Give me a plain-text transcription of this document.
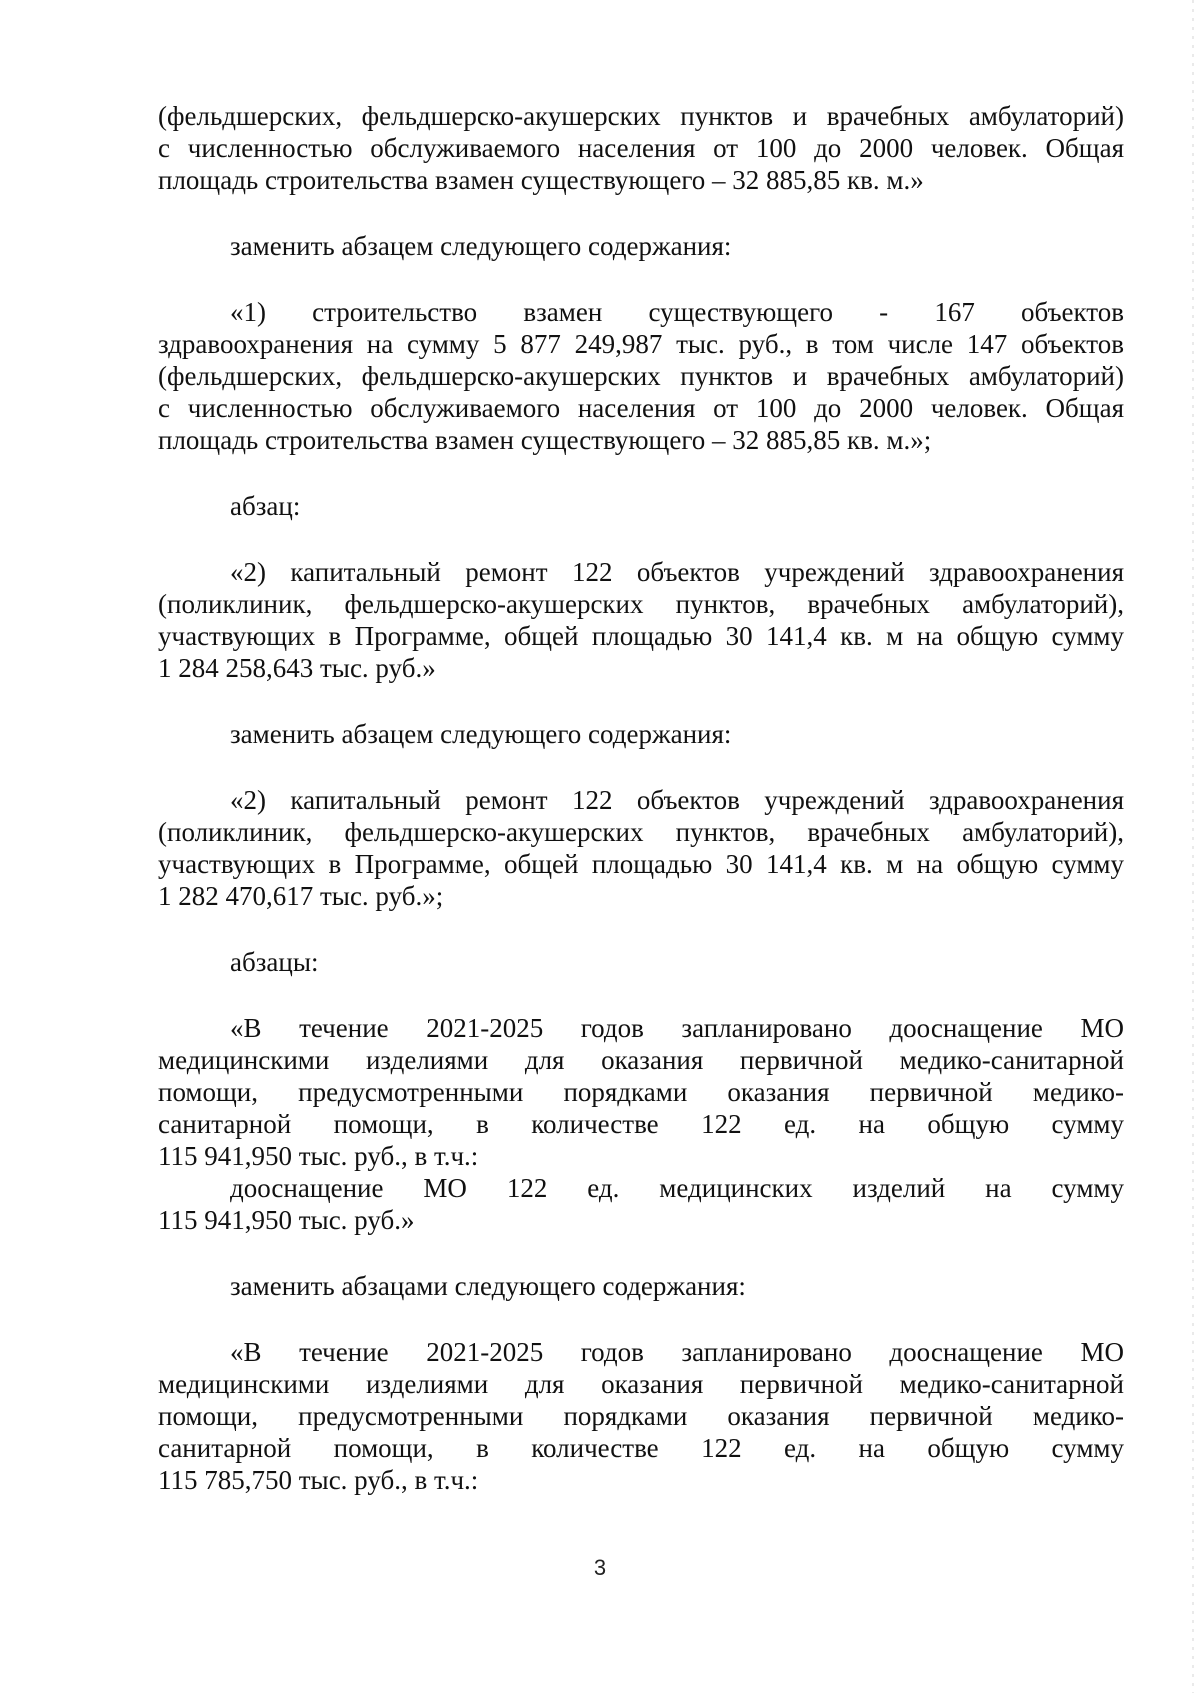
(фельдшерских, фельдшерско-акушерских пунктов и врачебных амбулаторий)
с численностью обслуживаемого населения от 100 до 2000 человек. Общая
площадь строительства взамен существующего – 32 885,85 кв. м.»

заменить абзацем следующего содержания:

«1) строительство взамен существующего - 167 объектов
здравоохранения на сумму 5 877 249,987 тыс. руб., в том числе 147 объектов
(фельдшерских, фельдшерско-акушерских пунктов и врачебных амбулаторий)
с численностью обслуживаемого населения от 100 до 2000 человек. Общая
площадь строительства взамен существующего – 32 885,85 кв. м.»;

абзац:

«2) капитальный ремонт 122 объектов учреждений здравоохранения
(поликлиник, фельдшерско-акушерских пунктов, врачебных амбулаторий),
участвующих в Программе, общей площадью 30 141,4 кв. м на общую сумму
1 284 258,643 тыс. руб.»

заменить абзацем следующего содержания:

«2) капитальный ремонт 122 объектов учреждений здравоохранения
(поликлиник, фельдшерско-акушерских пунктов, врачебных амбулаторий),
участвующих в Программе, общей площадью 30 141,4 кв. м на общую сумму
1 282 470,617 тыс. руб.»;

абзацы:

«В течение 2021-2025 годов запланировано дооснащение МО
медицинскими изделиями для оказания первичной медико-санитарной
помощи, предусмотренными порядками оказания первичной медико-
санитарной помощи, в количестве 122 ед. на общую сумму
115 941,950 тыс. руб., в т.ч.:
дооснащение МО 122 ед. медицинских изделий на сумму
115 941,950 тыс. руб.»

заменить абзацами следующего содержания:

«В течение 2021-2025 годов запланировано дооснащение МО
медицинскими изделиями для оказания первичной медико-санитарной
помощи, предусмотренными порядками оказания первичной медико-
санитарной помощи, в количестве 122 ед. на общую сумму
115 785,750 тыс. руб., в т.ч.:
3
